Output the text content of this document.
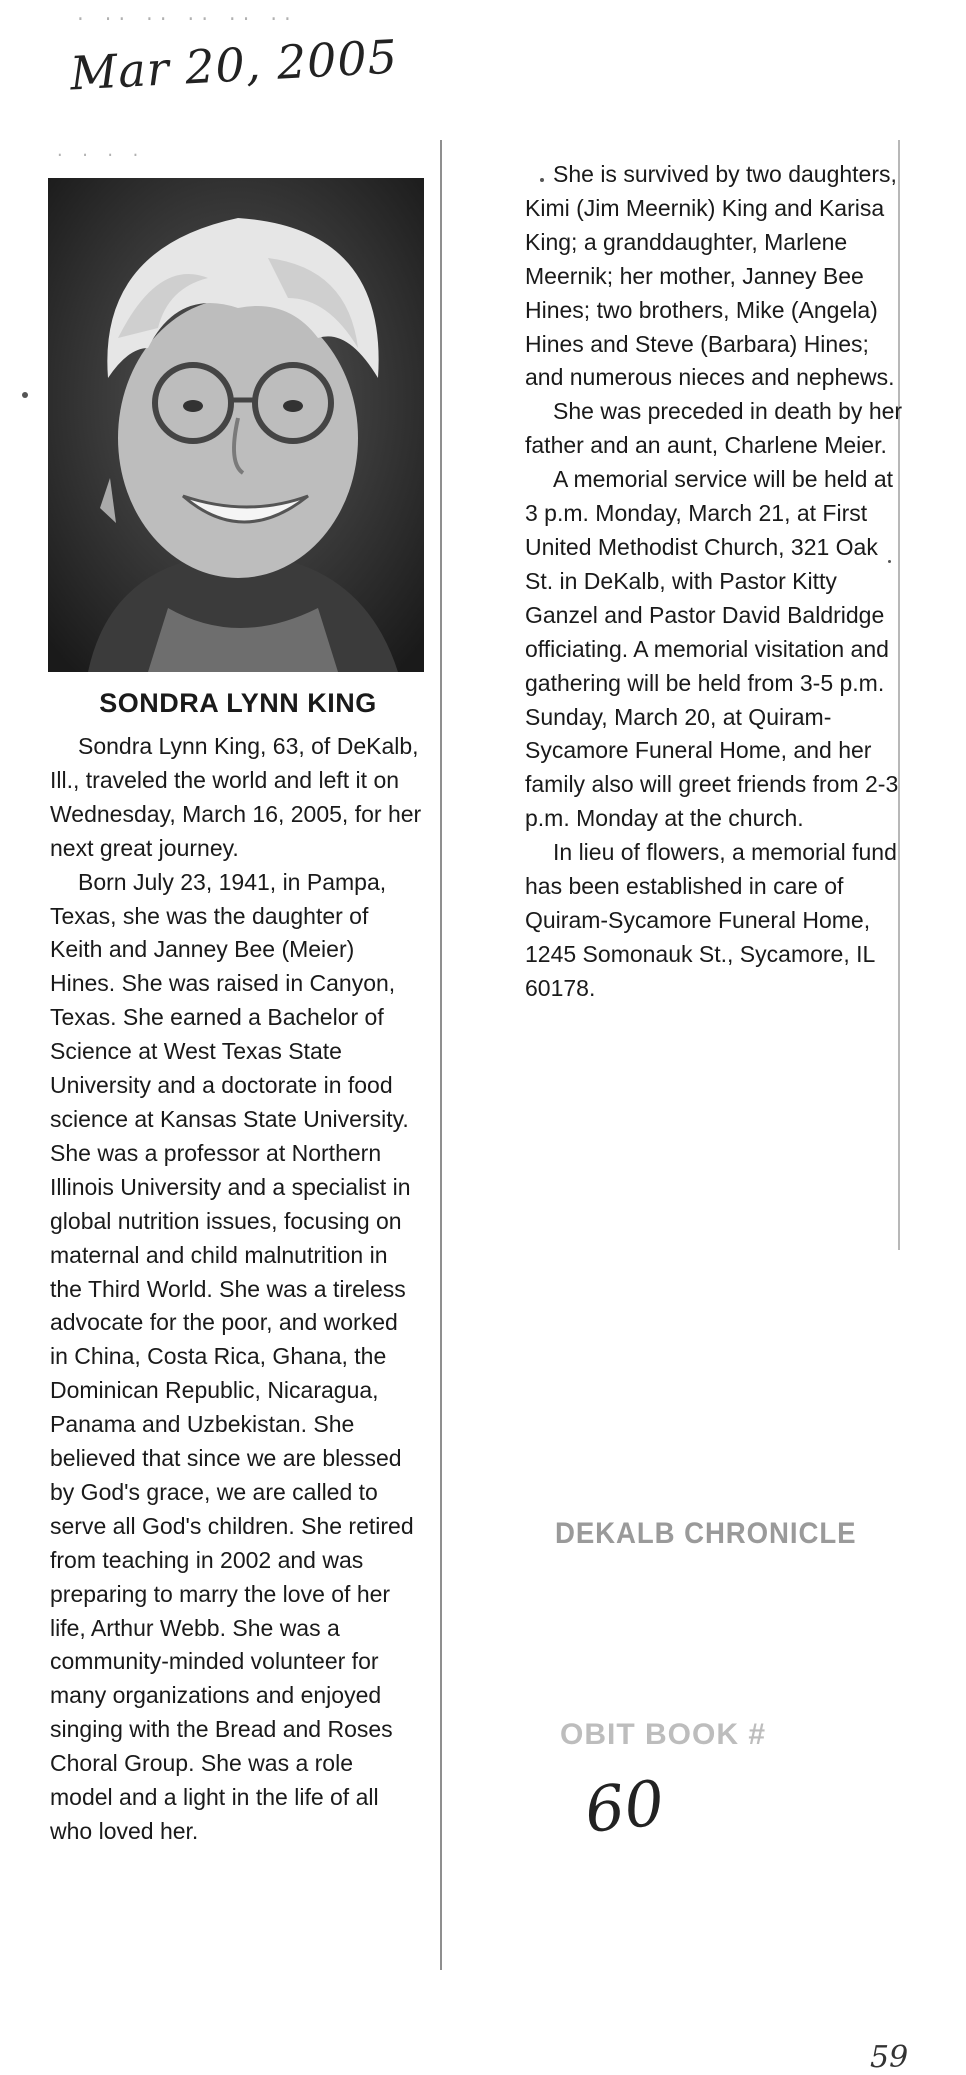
· ·· ·· ·· ·· ··
· · · ·
Mar 20, 2005
SONDRA LYNN KING

Sondra Lynn King, 63, of DeKalb, Ill., traveled the world and left it on Wednesday, March 16, 2005, for her next great journey.

Born July 23, 1941, in Pampa, Texas, she was the daughter of Keith and Janney Bee (Meier) Hines. She was raised in Canyon, Texas. She earned a Bachelor of Science at West Texas State University and a doctorate in food science at Kansas State University. She was a professor at Northern Illinois University and a specialist in global nutrition issues, focusing on maternal and child malnutrition in the Third World. She was a tireless advocate for the poor, and worked in China, Costa Rica, Ghana, the Dominican Republic, Nicaragua, Panama and Uzbekistan. She believed that since we are blessed by God's grace, we are called to serve all God's children. She retired from teaching in 2002 and was preparing to marry the love of her life, Arthur Webb. She was a community-minded volunteer for many organizations and enjoyed singing with the Bread and Roses Choral Group. She was a role model and a light in the life of all who loved her.

She is survived by two daughters, Kimi (Jim Meernik) King and Karisa King; a granddaughter, Marlene Meernik; her mother, Janney Bee Hines; two brothers, Mike (Angela) Hines and Steve (Barbara) Hines; and numerous nieces and nephews.

She was preceded in death by her father and an aunt, Charlene Meier.

A memorial service will be held at 3 p.m. Monday, March 21, at First United Methodist Church, 321 Oak St. in DeKalb, with Pastor Kitty Ganzel and Pastor David Baldridge officiating. A memorial visitation and gathering will be held from 3-5 p.m. Sunday, March 20, at Quiram-Sycamore Funeral Home, and her family also will greet friends from 2-3 p.m. Monday at the church.

In lieu of flowers, a memorial fund has been established in care of Quiram-Sycamore Funeral Home, 1245 Somonauk St., Sycamore, IL 60178.

DEKALB CHRONICLE
OBIT BOOK #
60
59
